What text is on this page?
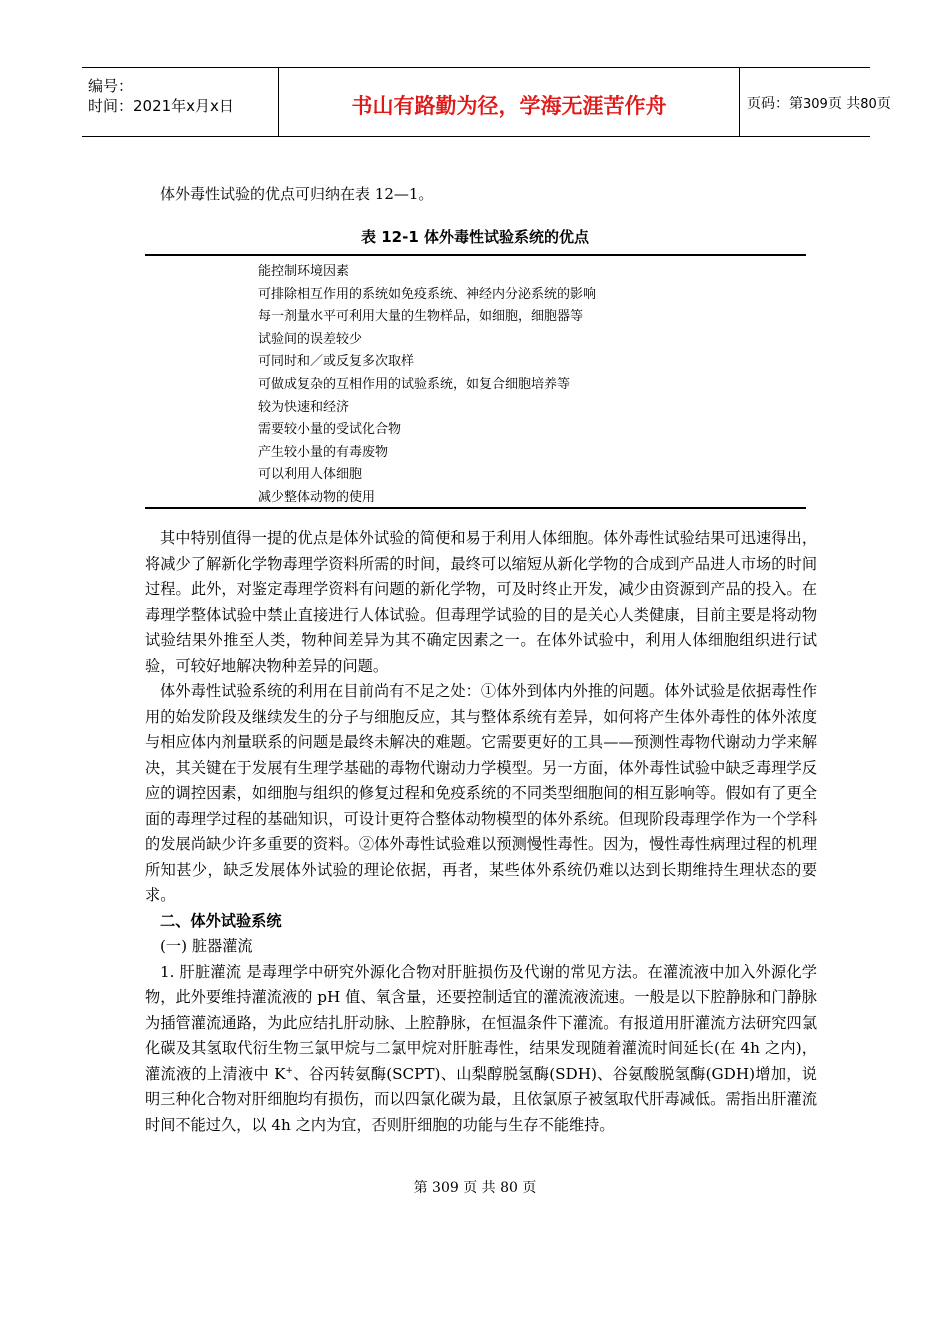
编号：
时间：2021年x月x日	书山有路勤为径，学海无涯苦作舟	页码：第309页 共80页
体外毒性试验的优点可归纳在表 12—1。
表 12-1 体外毒性试验系统的优点
能控制环境因素
可排除相互作用的系统如免疫系统、神经内分泌系统的影响
每一剂量水平可利用大量的生物样品，如细胞，细胞器等
试验间的误差较少
可同时和／或反复多次取样
可做成复杂的互相作用的试验系统，如复合细胞培养等
较为快速和经济
需要较小量的受试化合物
产生较小量的有毒废物
可以利用人体细胞
减少整体动物的使用

其中特别值得一提的优点是体外试验的简便和易于利用人体细胞。体外毒性试验结果可迅速得出，将减少了解新化学物毒理学资料所需的时间，最终可以缩短从新化学物的合成到产品进人市场的时间过程。此外，对鉴定毒理学资料有问题的新化学物，可及时终止开发，减少由资源到产品的投入。在毒理学整体试验中禁止直接进行人体试验。但毒理学试验的目的是关心人类健康，目前主要是将动物试验结果外推至人类，物种间差异为其不确定因素之一。在体外试验中，利用人体细胞组织进行试验，可较好地解决物种差异的问题。

体外毒性试验系统的利用在目前尚有不足之处：①体外到体内外推的问题。体外试验是依据毒性作用的始发阶段及继续发生的分子与细胞反应，其与整体系统有差异，如何将产生体外毒性的体外浓度与相应体内剂量联系的问题是最终未解决的难题。它需要更好的工具——预测性毒物代谢动力学来解决，其关键在于发展有生理学基础的毒物代谢动力学模型。另一方面，体外毒性试验中缺乏毒理学反应的调控因素，如细胞与组织的修复过程和免疫系统的不同类型细胞间的相互影响等。假如有了更全面的毒理学过程的基础知识，可设计更符合整体动物模型的体外系统。但现阶段毒理学作为一个学科的发展尚缺少许多重要的资料。②体外毒性试验难以预测慢性毒性。因为，慢性毒性病理过程的机理所知甚少，缺乏发展体外试验的理论依据，再者，某些体外系统仍难以达到长期维持生理状态的要求。

二、体外试验系统

(一) 脏器灌流

1. 肝脏灌流 是毒理学中研究外源化合物对肝脏损伤及代谢的常见方法。在灌流液中加入外源化学物，此外要维持灌流液的 pH 值、氧含量，还要控制适宜的灌流液流速。一般是以下腔静脉和门静脉为插管灌流通路，为此应结扎肝动脉、上腔静脉，在恒温条件下灌流。有报道用肝灌流方法研究四氯化碳及其氢取代衍生物三氯甲烷与二氯甲烷对肝脏毒性，结果发现随着灌流时间延长(在 4h 之内)，灌流液的上清液中 K+、谷丙转氨酶(SCPT)、山梨醇脱氢酶(SDH)、谷氨酸脱氢酶(GDH)增加，说明三种化合物对肝细胞均有损伤，而以四氯化碳为最，且依氯原子被氢取代肝毒减低。需指出肝灌流时间不能过久，以 4h 之内为宜，否则肝细胞的功能与生存不能维持。

第 309 页 共 80 页
